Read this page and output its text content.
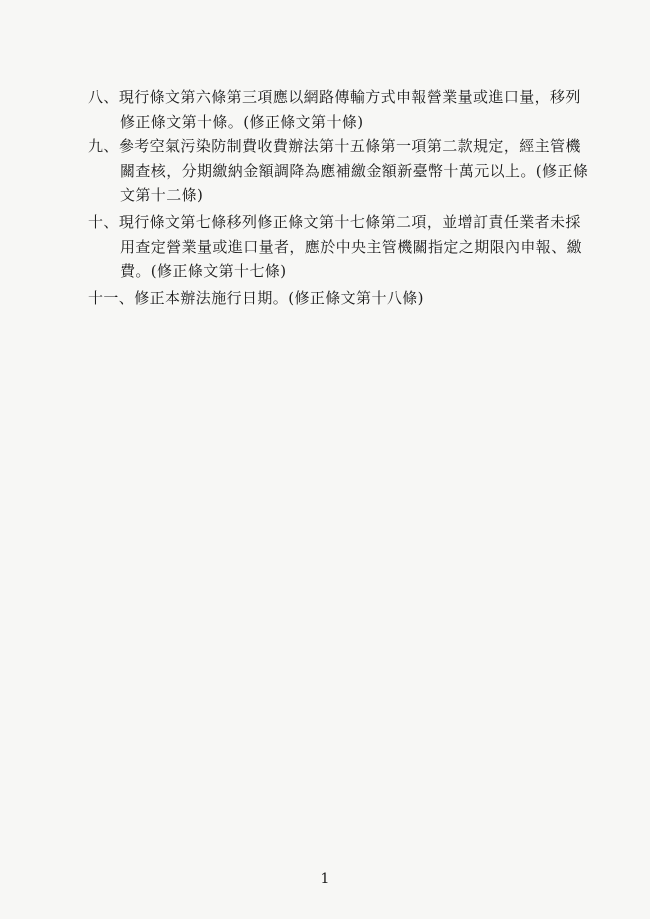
八、 現行條文第六條第三項應以網路傳輸方式申報營業量或進口量，移列
修正條文第十條。(修正條文第十條)
九、 參考空氣污染防制費收費辦法第十五條第一項第二款規定，經主管機
關查核，分期繳納金額調降為應補繳金額新臺幣十萬元以上。(修正條
文第十二條)
十、 現行條文第七條移列修正條文第十七條第二項，並增訂責任業者未採
用查定營業量或進口量者，應於中央主管機關指定之期限內申報、繳
費。(修正條文第十七條)
十一、 修正本辦法施行日期。(修正條文第十八條)
1
